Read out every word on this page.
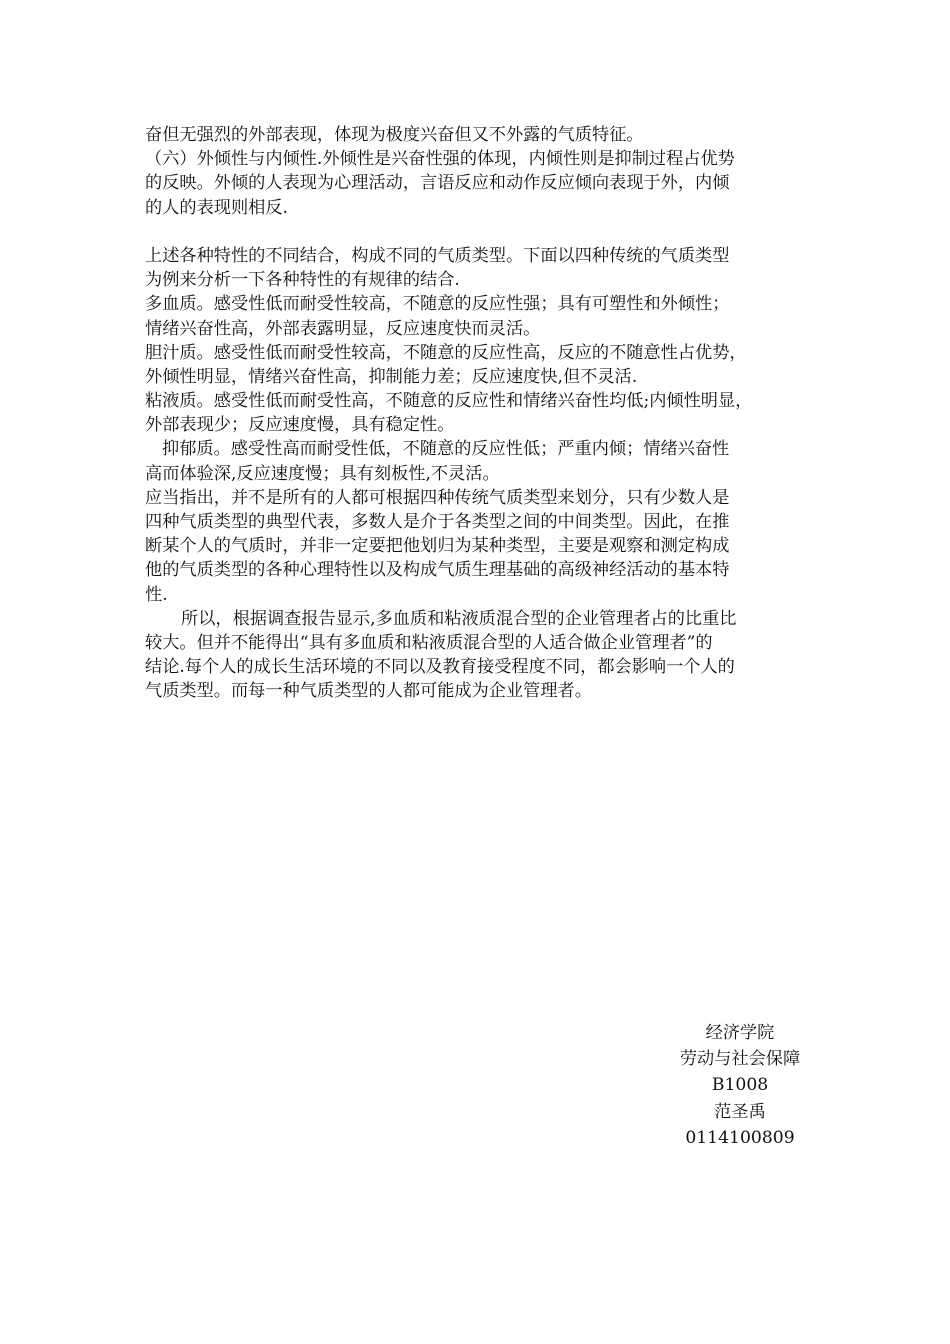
奋但无强烈的外部表现，体现为极度兴奋但又不外露的气质特征。

（六）外倾性与内倾性.外倾性是兴奋性强的体现，内倾性则是抑制过程占优势

的反映。外倾的人表现为心理活动，言语反应和动作反应倾向表现于外，内倾

的人的表现则相反.

上述各种特性的不同结合，构成不同的气质类型。下面以四种传统的气质类型

为例来分析一下各种特性的有规律的结合.

多血质。感受性低而耐受性较高，不随意的反应性强；具有可塑性和外倾性；

情绪兴奋性高，外部表露明显，反应速度快而灵活。

胆汁质。感受性低而耐受性较高，不随意的反应性高，反应的不随意性占优势，

外倾性明显，情绪兴奋性高，抑制能力差；反应速度快,但不灵活.

粘液质。感受性低而耐受性高，不随意的反应性和情绪兴奋性均低;内倾性明显，

外部表现少；反应速度慢，具有稳定性。

抑郁质。感受性高而耐受性低，不随意的反应性低；严重内倾；情绪兴奋性

高而体验深,反应速度慢；具有刻板性,不灵活。

应当指出，并不是所有的人都可根据四种传统气质类型来划分，只有少数人是

四种气质类型的典型代表，多数人是介于各类型之间的中间类型。因此，在推

断某个人的气质时，并非一定要把他划归为某种类型，主要是观察和测定构成

他的气质类型的各种心理特性以及构成气质生理基础的高级神经活动的基本特

性.

所以，根据调查报告显示,多血质和粘液质混合型的企业管理者占的比重比

较大。但并不能得出“具有多血质和粘液质混合型的人适合做企业管理者”的

结论.每个人的成长生活环境的不同以及教育接受程度不同，都会影响一个人的

气质类型。而每一种气质类型的人都可能成为企业管理者。

经济学院
劳动与社会保障
B1008
范圣禹
0114100809
